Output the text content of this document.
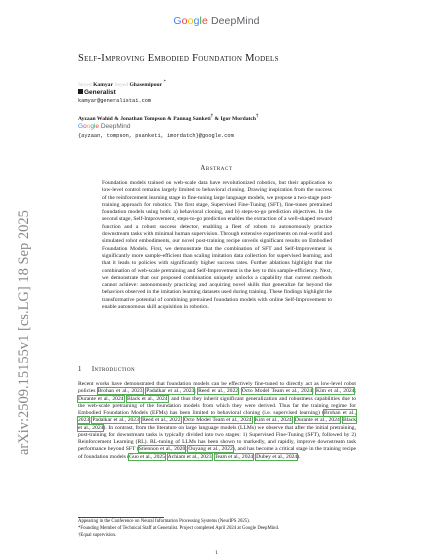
Google DeepMind
Self-Improving Embodied Foundation Models
Seyed Kamyar Seyed Ghasemipour *
Generalist
kamyar@generalistai.com
Ayzaan Wahid & Jonathan Tompson & Pannag Sanketi† & Igor Mordatch†
Google DeepMind
{ayzaan, tompson, psanketi, imordatch}@google.com
arXiv:2509.15155v1 [cs.LG] 18 Sep 2025
Abstract
Foundation models trained on web-scale data have revolutionized robotics, but their application to low-level control remains largely limited to behavioral cloning. Drawing inspiration from the success of the reinforcement learning stage in fine-tuning large language models, we propose a two-stage post-training approach for robotics. The first stage, Supervised Fine-Tuning (SFT), fine-tunes pretrained foundation models using both: a) behavioral cloning, and b) steps-to-go prediction objectives. In the second stage, Self-Improvement, steps-to-go prediction enables the extraction of a well-shaped reward function and a robust success detector, enabling a fleet of robots to autonomously practice downstream tasks with minimal human supervision. Through extensive experiments on real-world and simulated robot embodiments, our novel post-training recipe unveils significant results on Embodied Foundation Models. First, we demonstrate that the combination of SFT and Self-Improvement is significantly more sample-efficient than scaling imitation data collection for supervised learning, and that it leads to policies with significantly higher success rates. Further ablations highlight that the combination of web-scale pretraining and Self-Improvement is the key to this sample-efficiency. Next, we demonstrate that our proposed combination uniquely unlocks a capability that current methods cannot achieve: autonomously practicing and acquiring novel skills that generalize far beyond the behaviors observed in the imitation learning datasets used during training. These findings highlight the transformative potential of combining pretrained foundation models with online Self-Improvement to enable autonomous skill acquisition in robotics.
1 Introduction
Recent works have demonstrated that foundation models can be effectively fine-tuned to directly act as low-level robot policies Brohan et al., 2023; Padalkar et al., 2023; Reed et al., 2022; Octo Model Team et al., 2024; Kim et al., 2024; Durante et al., 2024; Black et al., 2024) and thus they inherit significant generalization and robustness capabilities due to the web-scale pretraining of the foundation models from which they were derived. Thus far the training regime for Embodied Foundation Models (EFMs) has been limited to behavioral cloning (i.e. supervised learning) (Brohan et al., 2023; Padalkar et al., 2023; Reed et al., 2022; Octo Model Team et al., 2024; Kim et al., 2024; Durante et al., 2024; Black et al., 2024). In contrast, from the literature on large language models (LLMs) we observe that after the initial pretraining, post-training for downstream tasks is typically divided into two stages: 1) Supervised Fine-Tuning (SFT), followed by 2) Reinforcement Learning (RL). RL-tuning of LLMs has been shown to markedly, and rapidly, improve downstream task performance beyond SFT (Stiennon et al., 2020; Ouyang et al., 2022), and has become a critical stage in the training recipe of foundation models (Guo et al., 2025; Achiam et al., 2023; Team et al., 2024; Dubey et al., 2024).
Appearing in the Conference on Neural Information Processing Systems (NeurIPS 2025).
*Founding Member of Technical Staff at Generalist. Project completed April 2024 at Google DeepMind.
†Equal supervision.
1
